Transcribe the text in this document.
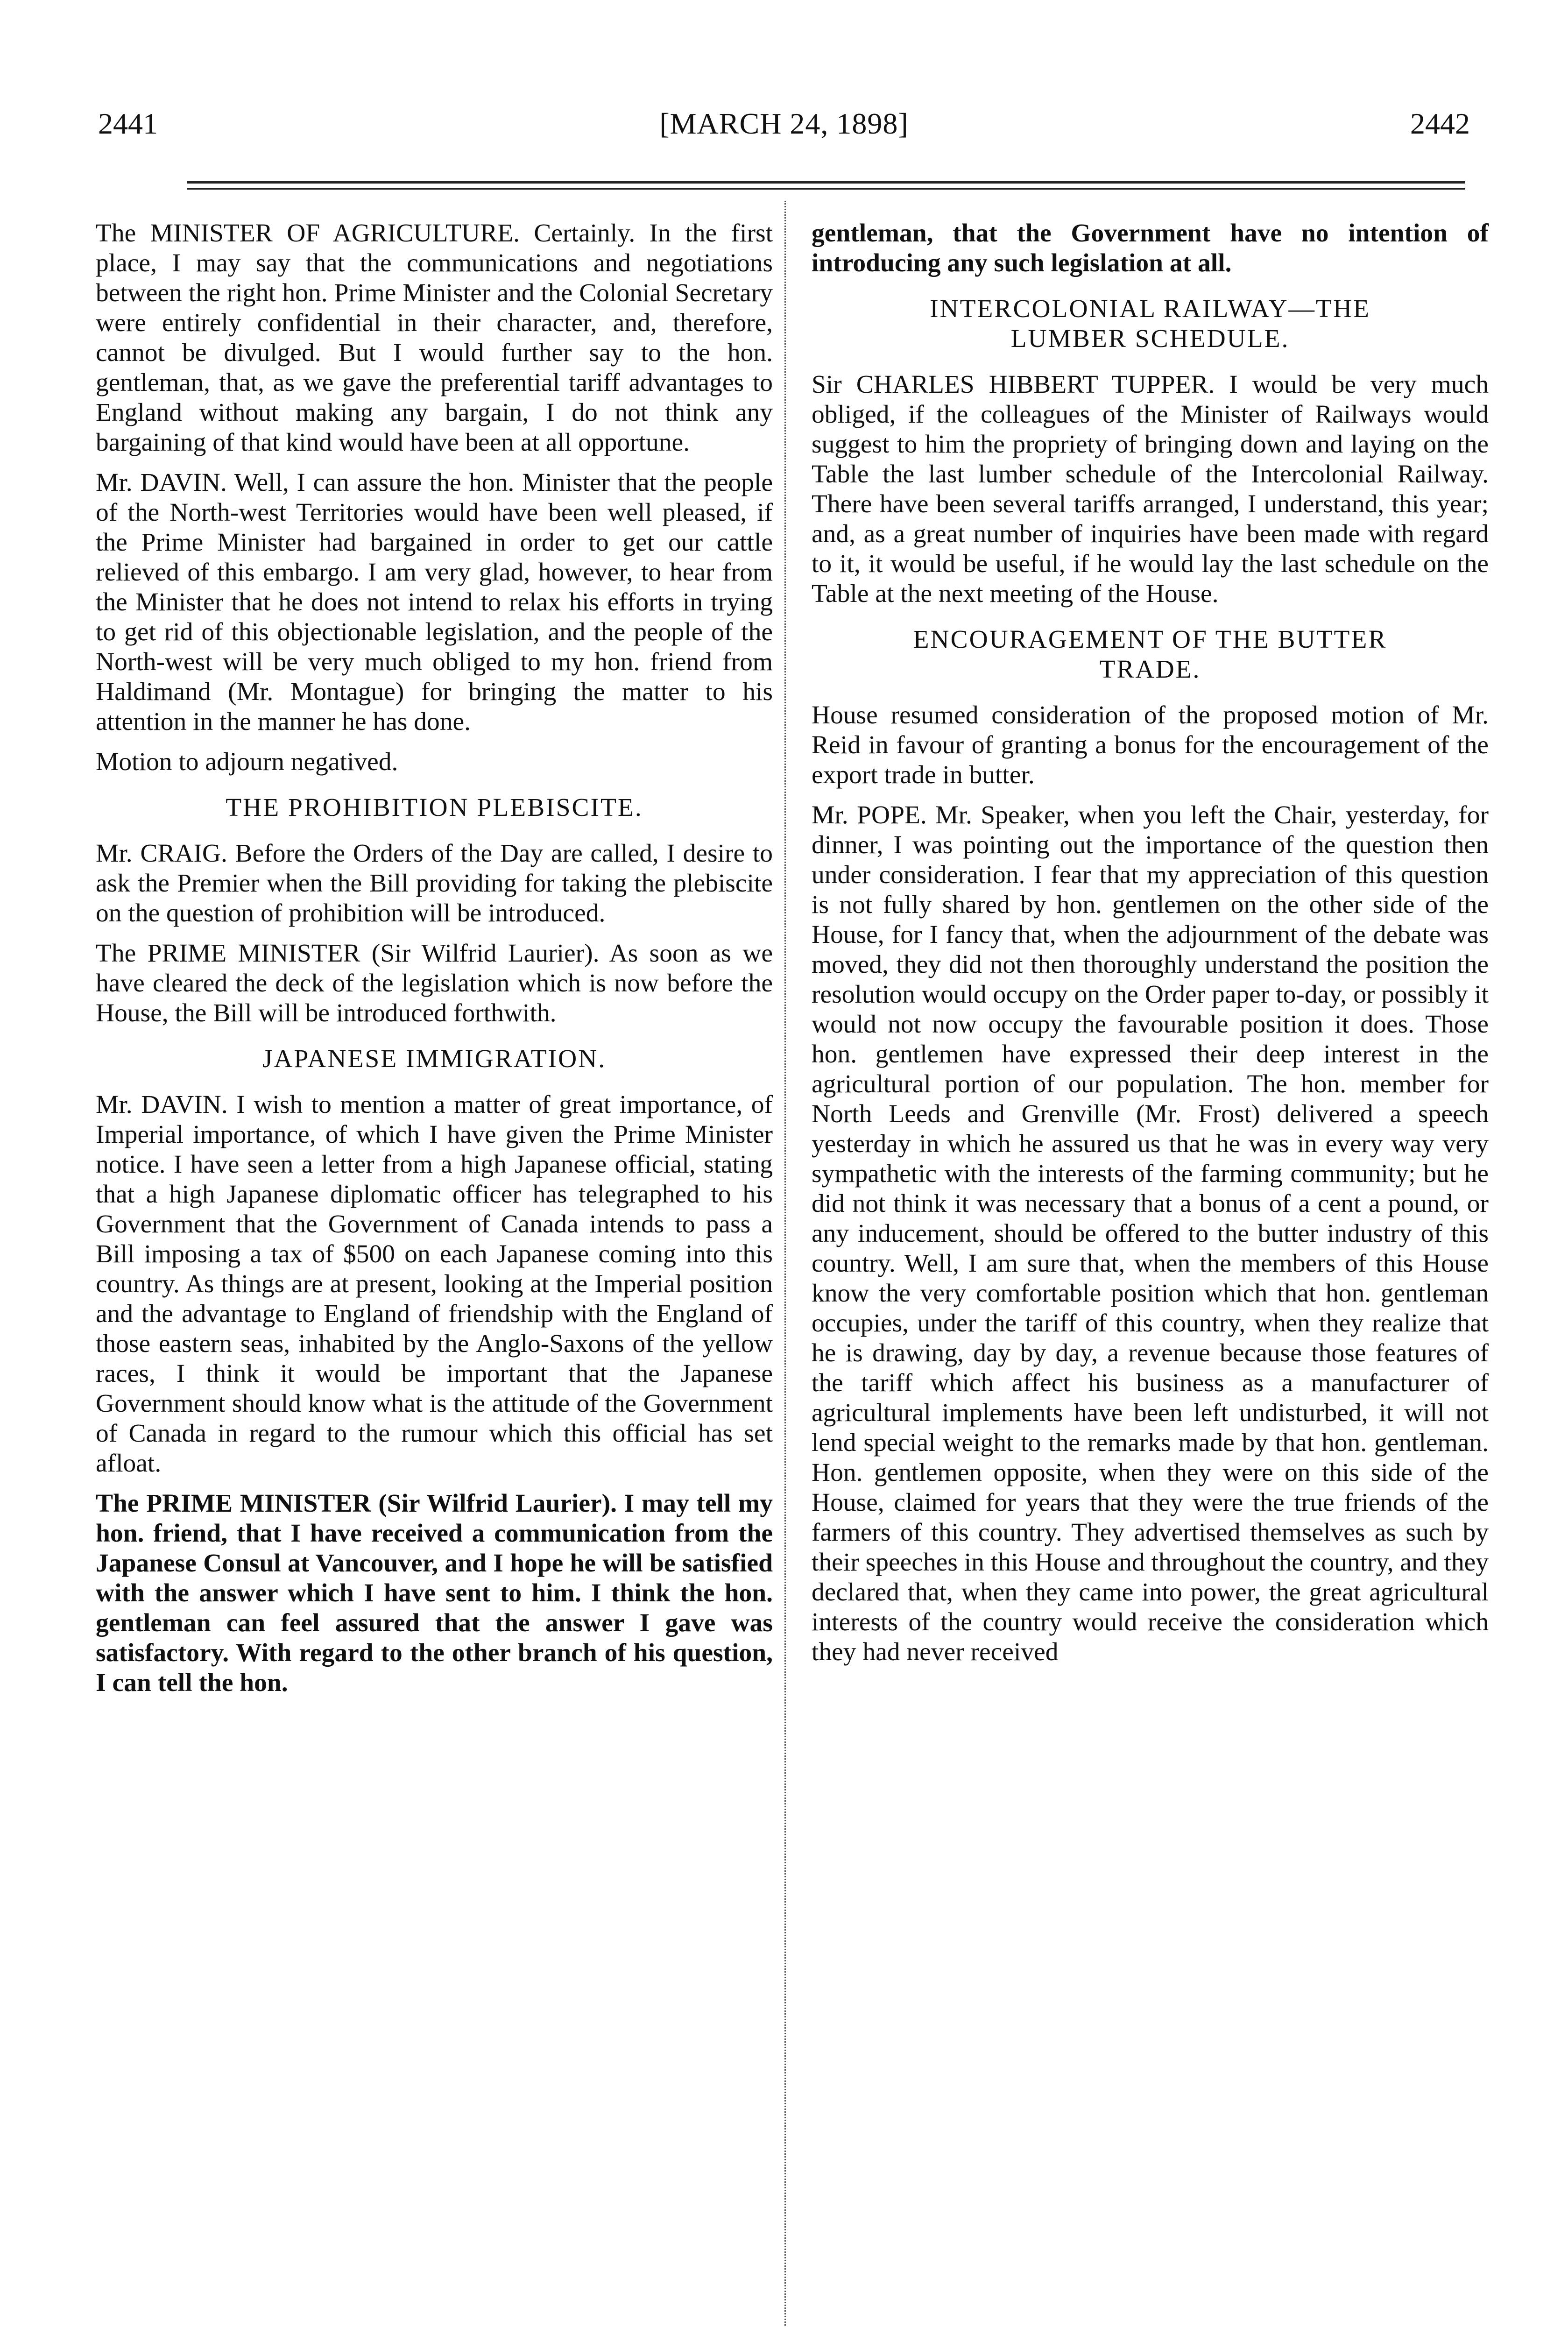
2441	[MARCH 24, 1898]	2442

The MINISTER OF AGRICULTURE. Certainly. In the first place, I may say that the communications and negotiations between the right hon. Prime Minister and the Colonial Secretary were entirely confidential in their character, and, therefore, cannot be divulged. But I would further say to the hon. gentleman, that, as we gave the preferential tariff advantages to England without making any bargain, I do not think any bargaining of that kind would have been at all opportune.

Mr. DAVIN. Well, I can assure the hon. Minister that the people of the North-west Territories would have been well pleased, if the Prime Minister had bargained in order to get our cattle relieved of this embargo. I am very glad, however, to hear from the Minister that he does not intend to relax his efforts in trying to get rid of this objectionable legislation, and the people of the North-west will be very much obliged to my hon. friend from Haldimand (Mr. Montague) for bringing the matter to his attention in the manner he has done.

Motion to adjourn negatived.

THE PROHIBITION PLEBISCITE.

Mr. CRAIG. Before the Orders of the Day are called, I desire to ask the Premier when the Bill providing for taking the plebiscite on the question of prohibition will be introduced.

The PRIME MINISTER (Sir Wilfrid Laurier). As soon as we have cleared the deck of the legislation which is now before the House, the Bill will be introduced forthwith.

JAPANESE IMMIGRATION.

Mr. DAVIN. I wish to mention a matter of great importance, of Imperial importance, of which I have given the Prime Minister notice. I have seen a letter from a high Japanese official, stating that a high Japanese diplomatic officer has telegraphed to his Government that the Government of Canada intends to pass a Bill imposing a tax of $500 on each Japanese coming into this country. As things are at present, looking at the Imperial position and the advantage to England of friendship with the England of those eastern seas, inhabited by the Anglo-Saxons of the yellow races, I think it would be important that the Japanese Government should know what is the attitude of the Government of Canada in regard to the rumour which this official has set afloat.

The PRIME MINISTER (Sir Wilfrid Laurier). I may tell my hon. friend, that I have received a communication from the Japanese Consul at Vancouver, and I hope he will be satisfied with the answer which I have sent to him. I think the hon. gentleman can feel assured that the answer I gave was satisfactory. With regard to the other branch of his question, I can tell the hon.

gentleman, that the Government have no intention of introducing any such legislation at all.

INTERCOLONIAL RAILWAY—THE
LUMBER SCHEDULE.

Sir CHARLES HIBBERT TUPPER. I would be very much obliged, if the colleagues of the Minister of Railways would suggest to him the propriety of bringing down and laying on the Table the last lumber schedule of the Intercolonial Railway. There have been several tariffs arranged, I understand, this year; and, as a great number of inquiries have been made with regard to it, it would be useful, if he would lay the last schedule on the Table at the next meeting of the House.

ENCOURAGEMENT OF THE BUTTER
TRADE.

House resumed consideration of the proposed motion of Mr. Reid in favour of granting a bonus for the encouragement of the export trade in butter.

Mr. POPE. Mr. Speaker, when you left the Chair, yesterday, for dinner, I was pointing out the importance of the question then under consideration. I fear that my appreciation of this question is not fully shared by hon. gentlemen on the other side of the House, for I fancy that, when the adjournment of the debate was moved, they did not then thoroughly understand the position the resolution would occupy on the Order paper to-day, or possibly it would not now occupy the favourable position it does. Those hon. gentlemen have expressed their deep interest in the agricultural portion of our population. The hon. member for North Leeds and Grenville (Mr. Frost) delivered a speech yesterday in which he assured us that he was in every way very sympathetic with the interests of the farming community; but he did not think it was necessary that a bonus of a cent a pound, or any inducement, should be offered to the butter industry of this country. Well, I am sure that, when the members of this House know the very comfortable position which that hon. gentleman occupies, under the tariff of this country, when they realize that he is drawing, day by day, a revenue because those features of the tariff which affect his business as a manufacturer of agricultural implements have been left undisturbed, it will not lend special weight to the remarks made by that hon. gentleman. Hon. gentlemen opposite, when they were on this side of the House, claimed for years that they were the true friends of the farmers of this country. They advertised themselves as such by their speeches in this House and throughout the country, and they declared that, when they came into power, the great agricultural interests of the country would receive the consideration which they had never received
